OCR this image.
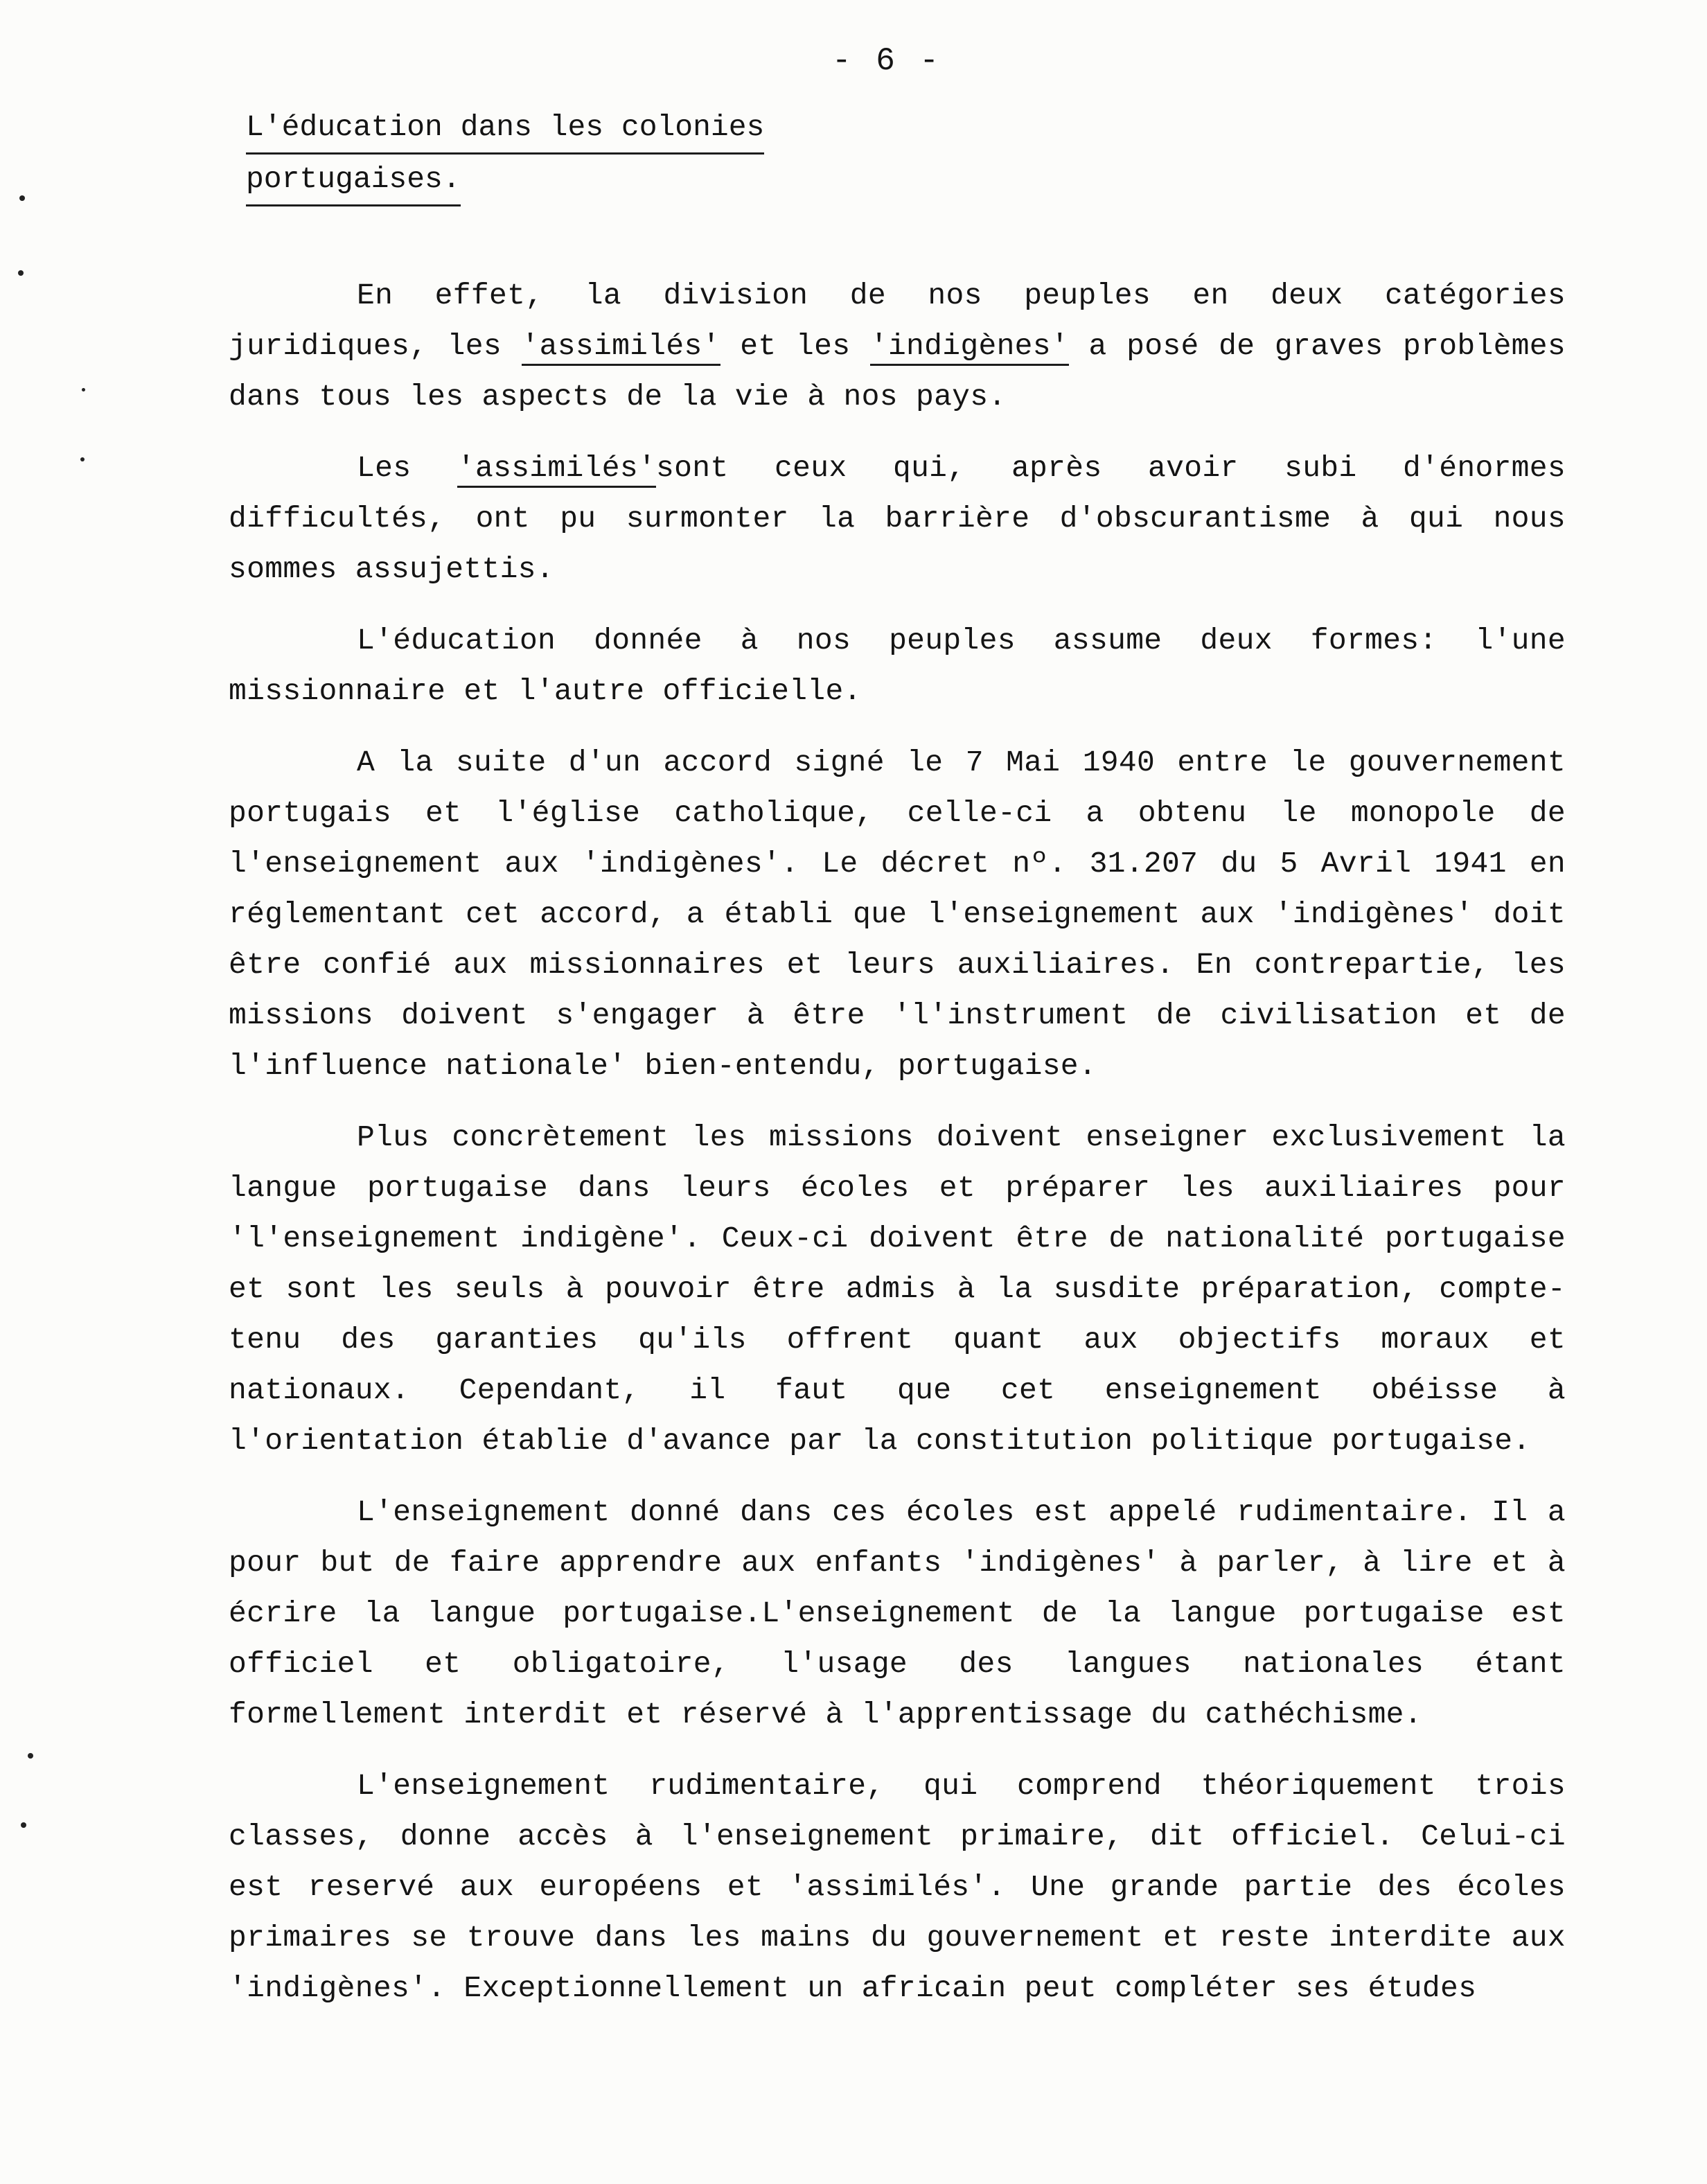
- 6 -
L'éducation dans les colonies
portugaises.

En effet, la division de nos peuples en deux catégories juridiques, les 'assimilés' et les 'indigènes' a posé de graves problèmes dans tous les aspects de la vie à nos pays.

Les 'assimilés'sont ceux qui, après avoir subi d'énormes difficultés, ont pu surmonter la barrière d'obscurantisme à qui nous sommes assujettis.

L'éducation donnée à nos peuples assume deux formes: l'une missionnaire et l'autre officielle.

A la suite d'un accord signé le 7 Mai 1940 entre le gouvernement portugais et l'église catholique, celle-ci a obtenu le monopole de l'enseignement aux 'indigènes'. Le décret nº. 31.207 du 5 Avril 1941 en réglementant cet accord, a établi que l'enseignement aux 'indigènes' doit être confié aux missionnaires et leurs auxiliaires. En contrepartie, les missions doivent s'engager à être 'l'instrument de civilisation et de l'influence nationale' bien-entendu, portugaise.

Plus concrètement les missions doivent enseigner exclusivement la langue portugaise dans leurs écoles et préparer les auxiliaires pour 'l'enseignement indigène'. Ceux-ci doivent être de nationalité portugaise et sont les seuls à pouvoir être admis à la susdite préparation, compte-tenu des garanties qu'ils offrent quant aux objectifs moraux et nationaux. Cependant, il faut que cet enseignement obéisse à l'orientation établie d'avance par la constitution politique portugaise.

L'enseignement donné dans ces écoles est appelé rudimentaire. Il a pour but de faire apprendre aux enfants 'indigènes' à parler, à lire et à écrire la langue portugaise.L'enseignement de la langue portugaise est officiel et obligatoire, l'usage des langues nationales étant formellement interdit et réservé à l'apprentissage du cathéchisme.

L'enseignement rudimentaire, qui comprend théoriquement trois classes, donne accès à l'enseignement primaire, dit officiel. Celui-ci est reservé aux européens et 'assimilés'. Une grande partie des écoles primaires se trouve dans les mains du gouvernement et reste interdite aux 'indigènes'. Exceptionnellement un africain peut compléter ses études
